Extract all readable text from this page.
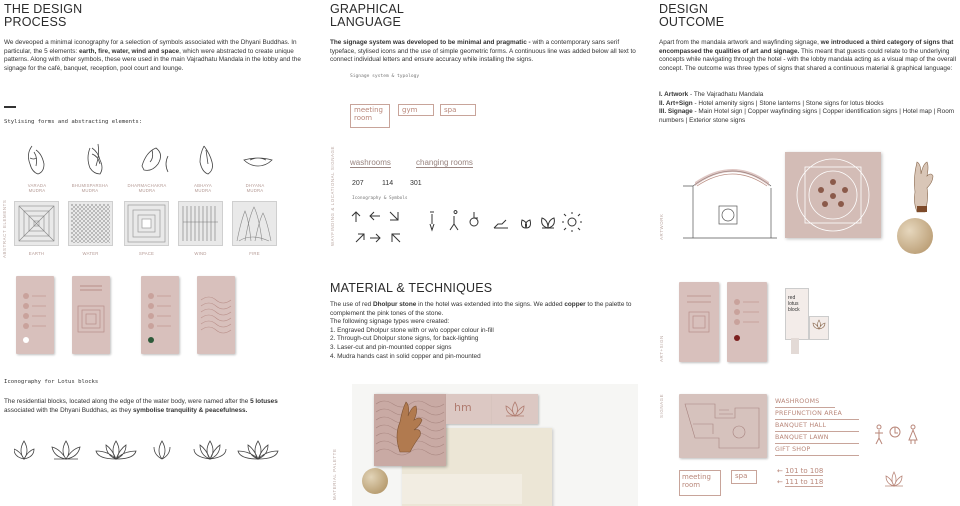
THE DESIGN
PROCESS

We deveoped a minimal iconography for a selection of symbols associated with the Dhyani Buddhas. In particular, the 5 elements: earth, fire, water, wind and space, which were abstracted to create unique patterns. Along with other symbols, these were used in the main Vajradhatu Mandala in the lobby and the signage for the café, banquet, reception, pool court and lounge.

Stylising forms and abstracting elements:
ABSTRACT ELEMENTS
VARADA
MUDRA
BHUMISPARSHA
MUDRA
DHARMACHAKRA
MUDRA
ABHAYA
MUDRA
DHYANA
MUDRA
EARTH	WATER	SPACE	WIND	FIRE
Iconography for Lotus blocks

The residential blocks, located along the edge of the water body, were named after the 5 lotuses associated with the Dhyani Buddhas, as they symbolise tranquility & peacefulness.

GRAPHICAL
LANGUAGE

The signage system was developed to be minimal and pragmatic - with a contemporary sans serif typeface, stylised icons and the use of simple geometric forms. A continuous line was added below all text to connect individual letters and ensure accuracy while installing the signs.

WAYFINDING & LOCATIONAL SIGNAGE
Signage system & typology
meeting
room
gym	spa
washrooms	changing rooms
207	114 301
Iconography & Symbols
MATERIAL & TECHNIQUES
The use of red Dholpur stone in the hotel was extended into the signs. We added copper to the palette to complement the pink tones of the stone.
The following signage types were created:
1. Engraved Dholpur stone with or w/o copper colour in-fill
2. Through-cut Dholpur stone signs, for back-lighting
3. Laser-cut and pin-mounted copper signs
4. Mudra hands cast in solid copper and pin-mounted
MATERIAL PALETTE
hm
DESIGN
OUTCOME

Apart from the mandala artwork and wayfinding signage, we introduced a third category of signs that encompassed the qualities of art and signage. This meant that guests could relate to the underlying concepts while navigating through the hotel - with the lobby mandala acting as a visual map of the overall concept. The outcome was three types of signs that shared a continuous material & graphical language:

I. Artwork - The Vajradhatu Mandala
II. Art+Sign - Hotel amenity signs | Stone lanterns | Stone signs for lotus blocks
III. Signage - Main Hotel sign | Copper wayfinding signs | Copper identification signs | Hotel map | Room numbers | Exterior stone signs
ARTWORK
ART+SIGN
SIGNAGE
red
lotus
block
WASHROOMS
PREFUNCTION AREA
BANQUET HALL
BANQUET LAWN
GIFT SHOP
meeting
room
spa
← 101 to 108
← 111 to 118
